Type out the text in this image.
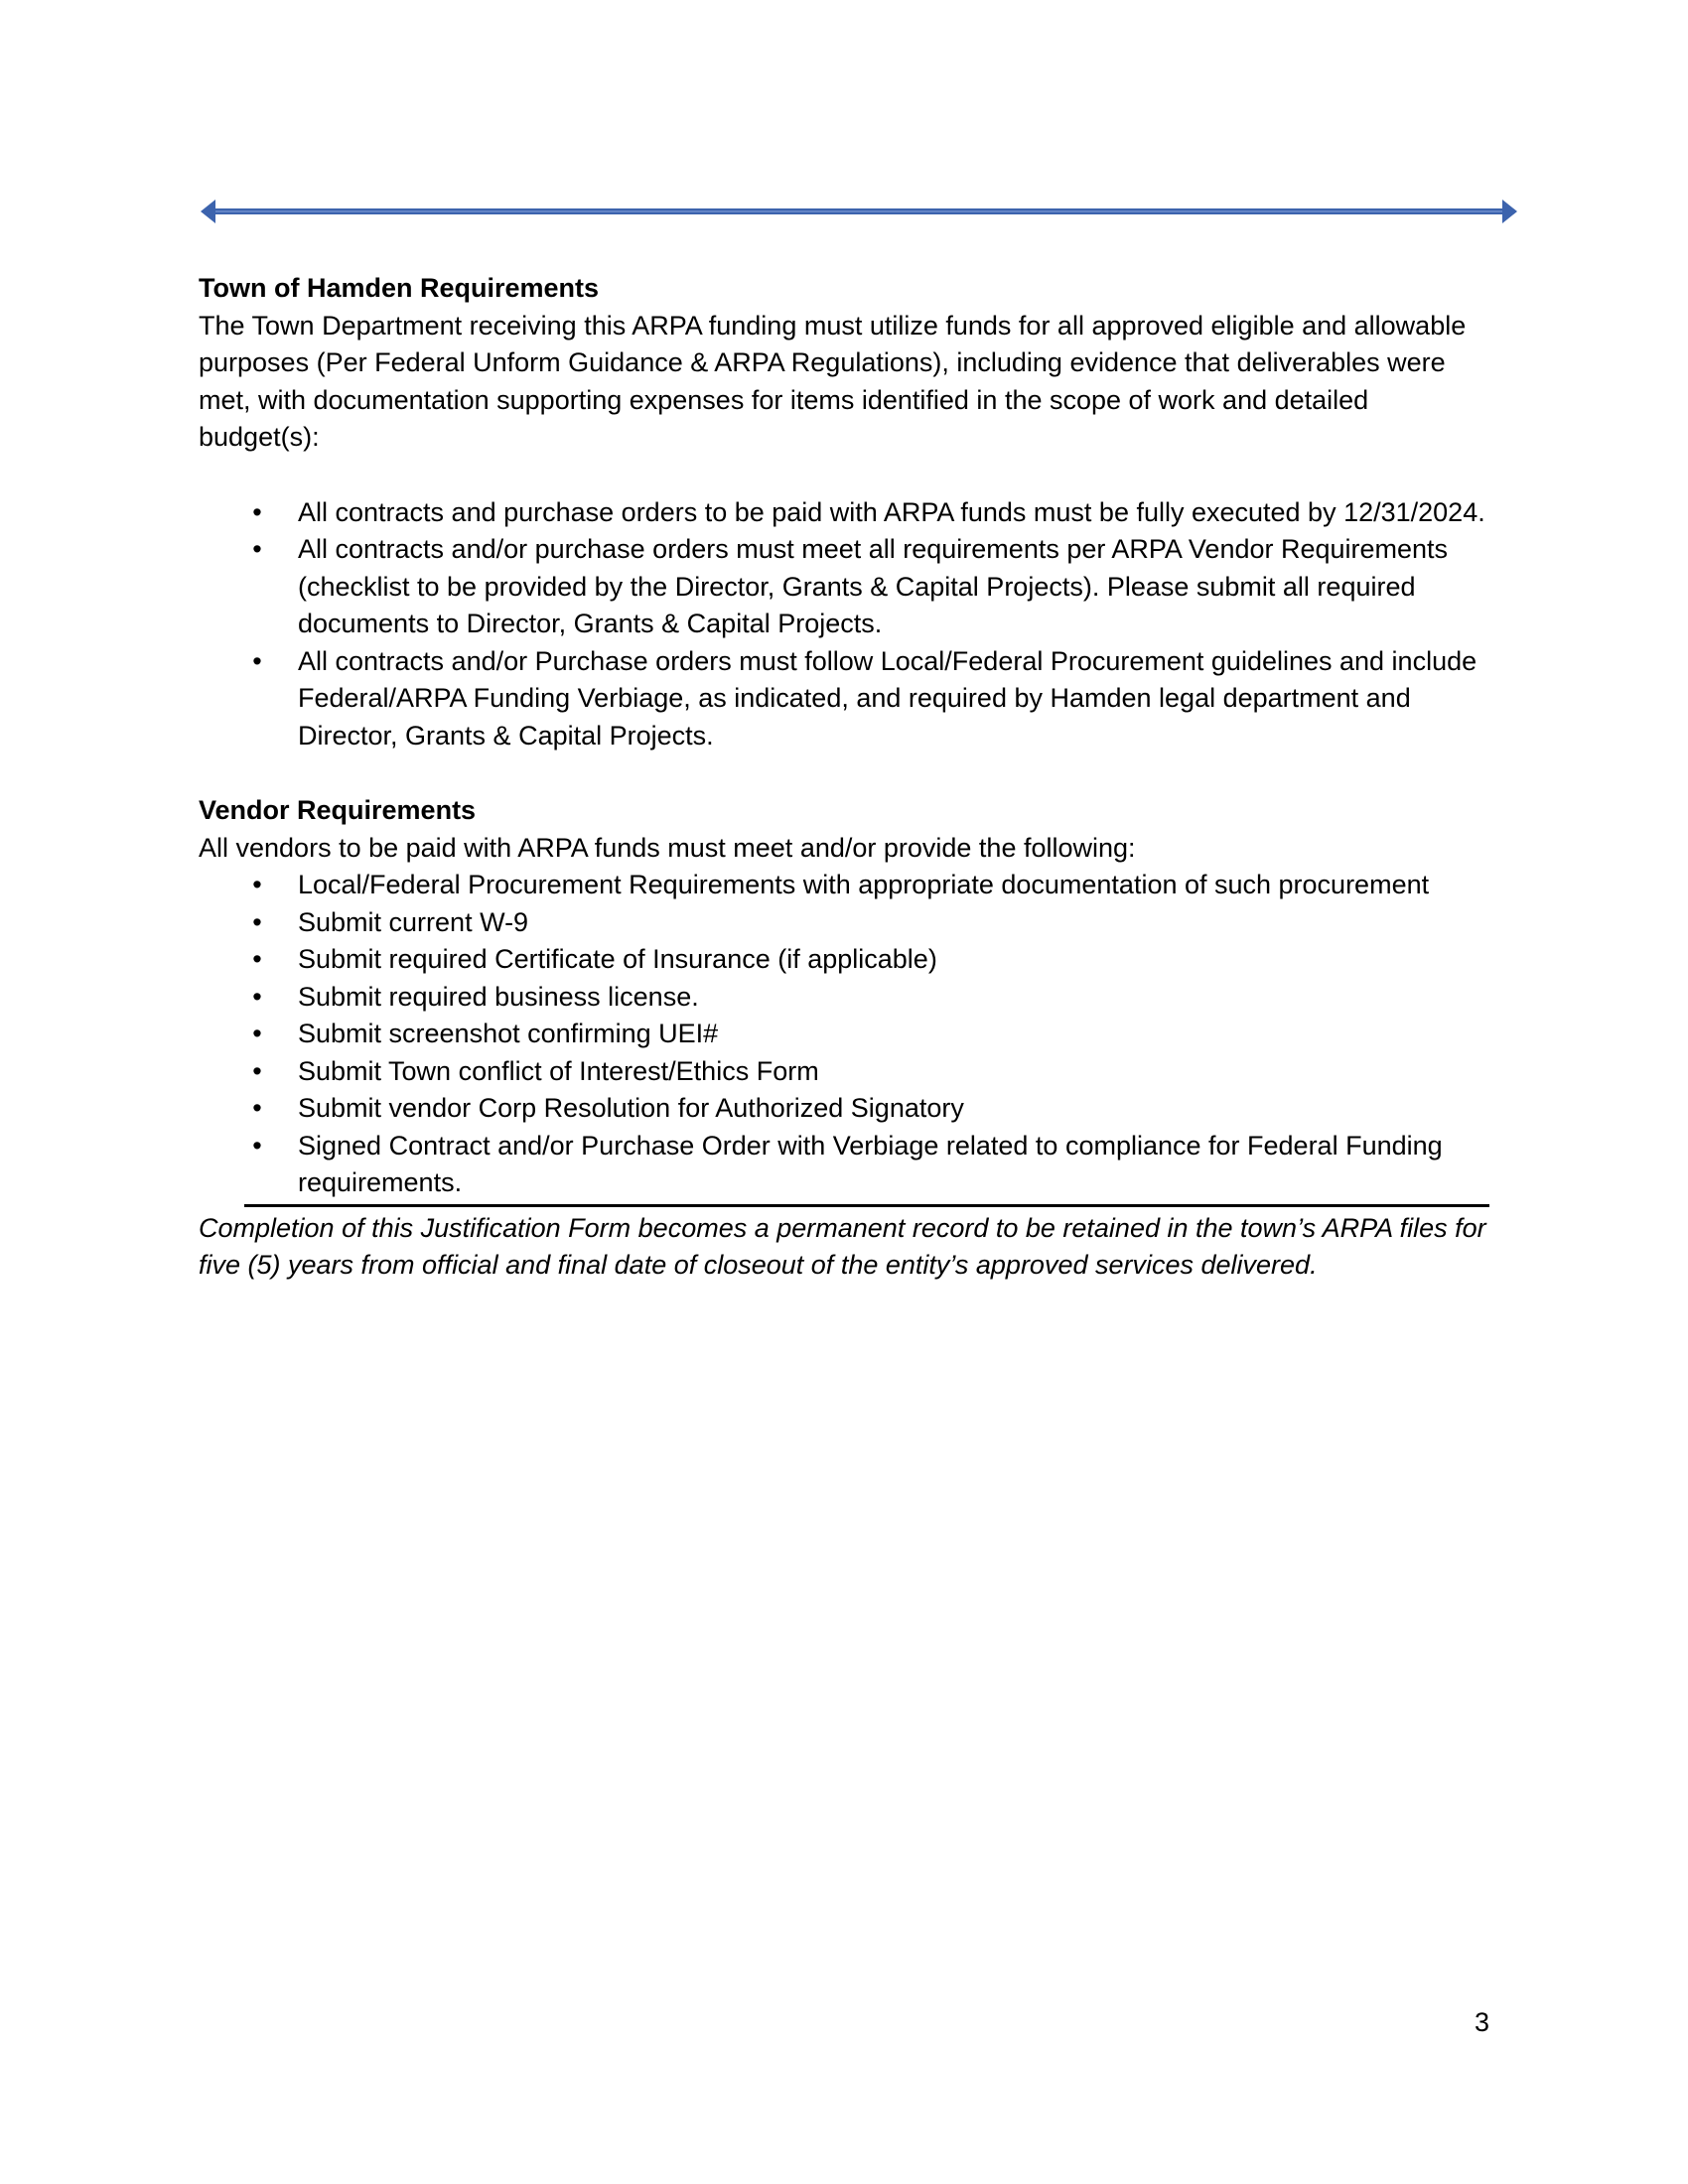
Town of Hamden Requirements

The Town Department receiving this ARPA funding must utilize funds for all approved eligible and allowable purposes (Per Federal Unform Guidance & ARPA Regulations), including evidence that deliverables were met, with documentation supporting expenses for items identified in the scope of work and detailed budget(s):

• All contracts and purchase orders to be paid with ARPA funds must be fully executed by 12/31/2024.
• All contracts and/or purchase orders must meet all requirements per ARPA Vendor Requirements (checklist to be provided by the Director, Grants & Capital Projects). Please submit all required documents to Director, Grants & Capital Projects.
• All contracts and/or Purchase orders must follow Local/Federal Procurement guidelines and include Federal/ARPA Funding Verbiage, as indicated, and required by Hamden legal department and Director, Grants & Capital Projects.

Vendor Requirements

All vendors to be paid with ARPA funds must meet and/or provide the following:

• Local/Federal Procurement Requirements with appropriate documentation of such procurement
• Submit current W-9
• Submit required Certificate of Insurance (if applicable)
• Submit required business license.
• Submit screenshot confirming UEI#
• Submit Town conflict of Interest/Ethics Form
• Submit vendor Corp Resolution for Authorized Signatory
• Signed Contract and/or Purchase Order with Verbiage related to compliance for Federal Funding requirements.

Completion of this Justification Form becomes a permanent record to be retained in the town’s ARPA files for five (5) years from official and final date of closeout of the entity’s approved services delivered.

3
